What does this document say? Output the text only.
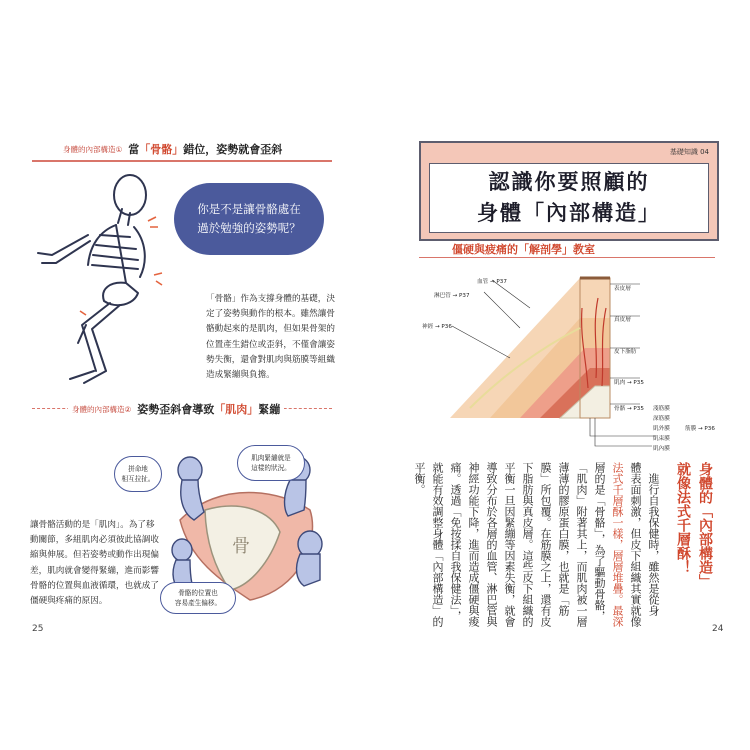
身體的內部構造① 當「骨骼」錯位，姿勢就會歪斜
你是不是讓骨骼處在
過於勉強的姿勢呢？
「骨骼」作為支撐身體的基礎，決
定了姿勢與動作的根本。雖然讓骨
骼動起來的是肌肉，但如果骨架的
位置產生錯位或歪斜，不僅會讓姿
勢失衡，還會對肌肉與筋膜等組織
造成緊繃與負擔。
身體的內部構造② 姿勢歪斜會導致「肌肉」緊繃
骨
肌肉緊繃就是
這樣的狀況。
拼命地
相互拉扯。
骨骼的位置也
容易產生偏移。
讓骨骼活動的是「肌肉」。為了移
動關節，多組肌肉必須彼此協調收
縮與伸展。但若姿勢或動作出現偏
差，肌肉就會變得緊繃，進而影響
骨骼的位置與血液循環，也就成了
僵硬與疼痛的原因。
25
基礎知識 04
認識你要照顧的
身體「內部構造」
僵硬與疲痛的「解剖學」教室
血管 → P37
淋巴管 → P37
神經 → P36
表皮層
真皮層
皮下脂肪
肌肉 → P35
骨骼 → P35 淺筋膜
深筋膜
肌外膜
肌束膜
肌內膜
筋膜 → P36
身體的「內部構造」
就像法式千層酥！
　進行自我保健時，雖然是從身
體表面刺激，但皮下組織其實就像
法式千層酥一樣，層層堆疊。最深
層的是「骨骼」，為了驅動骨骼，
「肌肉」附著其上，而肌肉被一層
薄薄的膠原蛋白膜，也就是「筋
膜」所包覆。在筋膜之上，還有皮
下脂肪與真皮層。這些皮下組織的
平衡一旦因緊繃等因素失衡，就會
導致分布於各層的血管、淋巴管與
神經功能下降，進而造成僵硬與痠
痛。透過「免按揉自我保健法」，
就能有效調整身體「內部構造」的
平衡。
24
